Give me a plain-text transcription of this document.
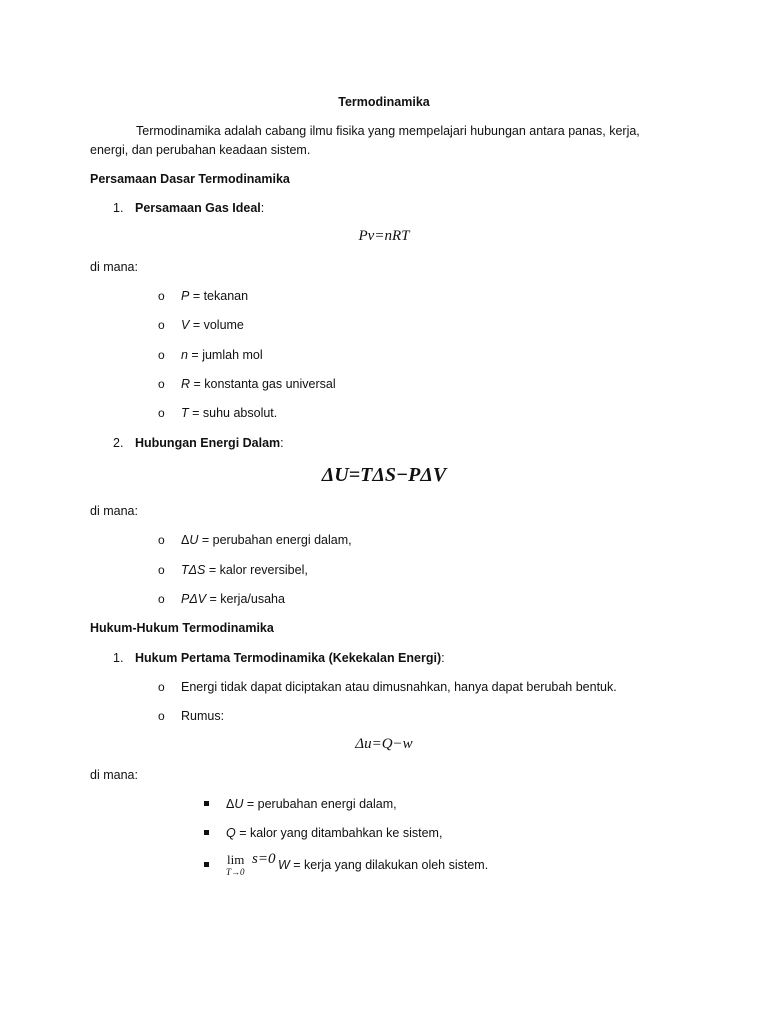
Termodinamika
Termodinamika adalah cabang ilmu fisika yang mempelajari hubungan antara panas, kerja,
energi, dan perubahan keadaan sistem.
Persamaan Dasar Termodinamika
1. Persamaan Gas Ideal:
Pv=nRT
di mana:
o P = tekanan
o V = volume
o n = jumlah mol
o R = konstanta gas universal
o T = suhu absolut.
2. Hubungan Energi Dalam:
ΔU=TΔS−PΔV
di mana:
o ΔU = perubahan energi dalam,
o TΔS = kalor reversibel,
o PΔV = kerja/usaha
Hukum-Hukum Termodinamika
1. Hukum Pertama Termodinamika (Kekekalan Energi):
o Energi tidak dapat diciptakan atau dimusnahkan, hanya dapat berubah bentuk.
o Rumus:
Δu=Q−w
di mana:
ΔU = perubahan energi dalam,
Q = kalor yang ditambahkan ke sistem,
lim s=0
T→0	W = kerja yang dilakukan oleh sistem.
